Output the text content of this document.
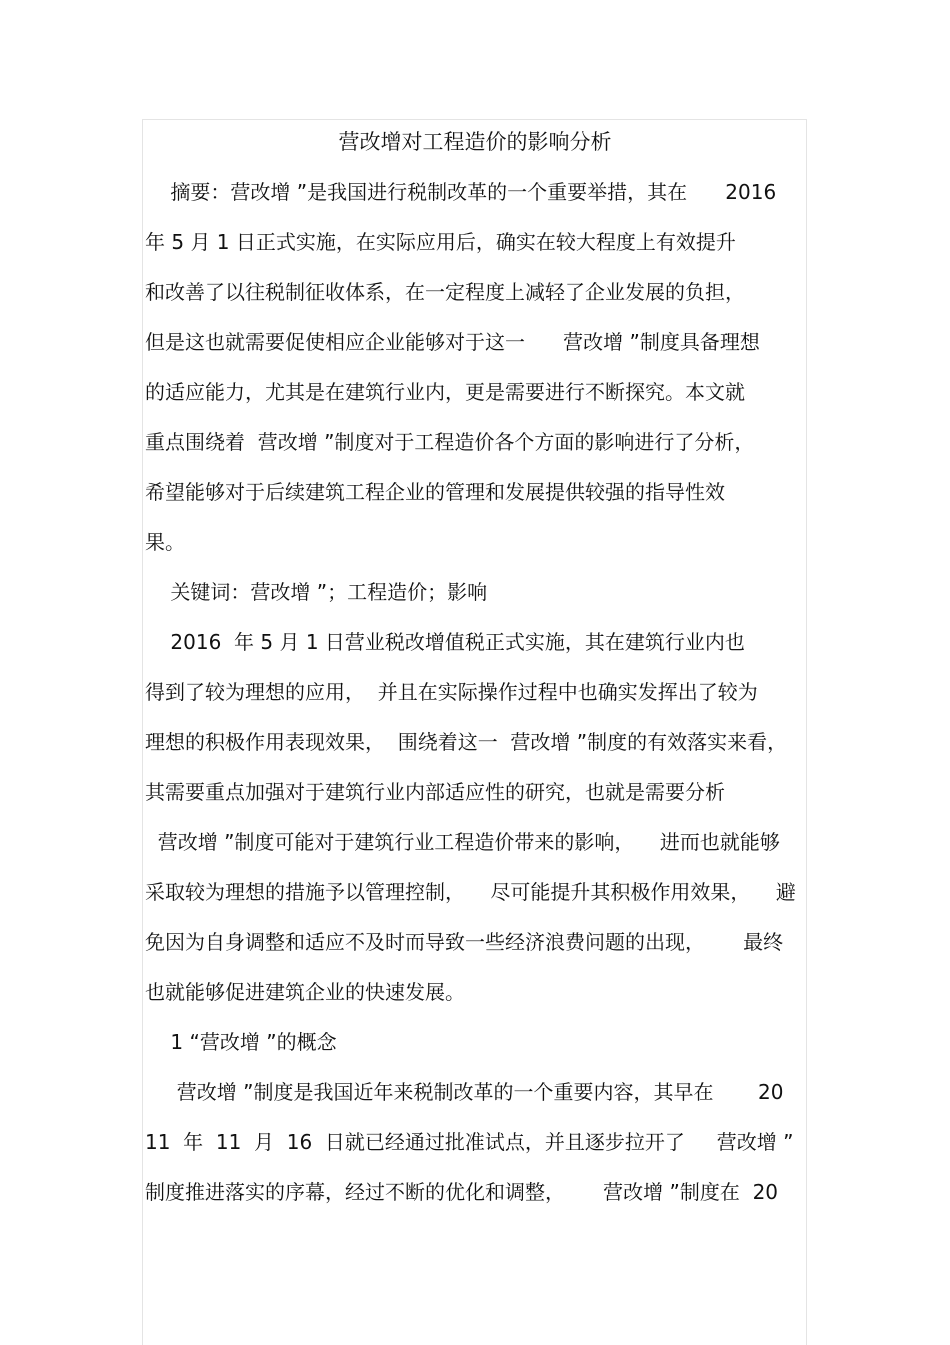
营改增对工程造价的影响分析
摘要：营改增 ”是我国进行税制改革的一个重要举措，其在      2016
年 5 月 1 日正式实施，在实际应用后，确实在较大程度上有效提升
和改善了以往税制征收体系，在一定程度上减轻了企业发展的负担，
但是这也就需要促使相应企业能够对于这一      营改增 ”制度具备理想
的适应能力，尤其是在建筑行业内，更是需要进行不断探究。本文就
重点围绕着  营改增 ”制度对于工程造价各个方面的影响进行了分析，
希望能够对于后续建筑工程企业的管理和发展提供较强的指导性效
果。
关键词：营改增 ”；工程造价；影响
2016  年 5 月 1 日营业税改增值税正式实施，其在建筑行业内也
得到了较为理想的应用，  并且在实际操作过程中也确实发挥出了较为
理想的积极作用表现效果，  围绕着这一  营改增 ”制度的有效落实来看，
其需要重点加强对于建筑行业内部适应性的研究，也就是需要分析
营改增 ”制度可能对于建筑行业工程造价带来的影响，    进而也就能够
采取较为理想的措施予以管理控制，    尽可能提升其积极作用效果，    避
免因为自身调整和适应不及时而导致一些经济浪费问题的出现，      最终
也就能够促进建筑企业的快速发展。
1 “营改增 ”的概念
营改增 ”制度是我国近年来税制改革的一个重要内容，其早在       20
11  年  11  月  16  日就已经通过批准试点，并且逐步拉开了     营改增 ”
制度推进落实的序幕，经过不断的优化和调整，      营改增 ”制度在  20
